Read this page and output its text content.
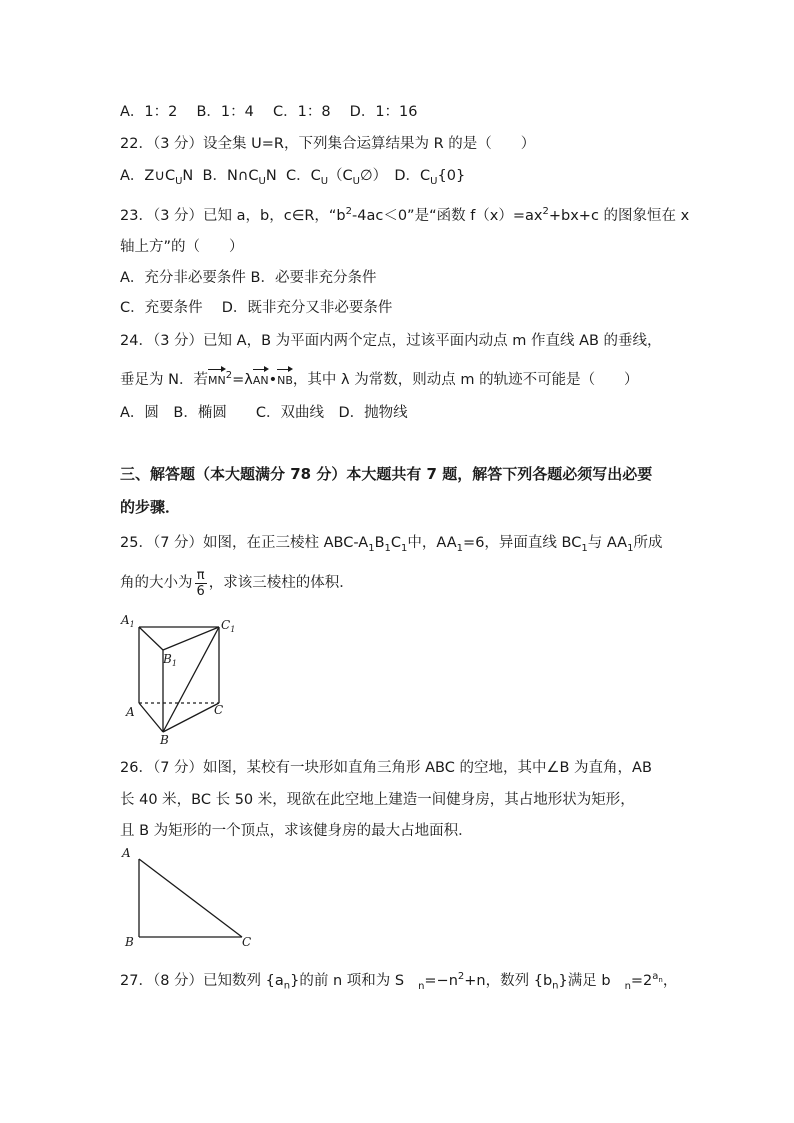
A．1：2　 B．1：4　 C．1：8　 D．1：16
22．（3 分）设全集 U=R，下列集合运算结果为 R 的是（　　）
A．$Z\cup C_UN$  B．$N\cap C_UN$  C．$C_U(C_U\emptyset)$　D．$C_U\{0\}$
23．（3 分）已知 a，b，c∈R，“$b^2-4ac<0$”是“函数 $f(x)=ax^2+bx+c$ 的图象恒在 x
轴上方”的（　　）
A．充分非必要条件 B．必要非充分条件
C．充要条件　 D．既非充分又非必要条件
24．（3 分）已知 A，B 为平面内两个定点，过该平面内动点 m 作直线 AB 的垂线，
垂足为 N．若$MN^2=\lambda AN•NB$，其中 λ 为常数，则动点 m 的轨迹不可能是（　　）
A．圆　B．椭圆　　C．双曲线　D．抛物线
三、解答题（本大题满分 78 分）本大题共有 7 题，解答下列各题必须写出必要
的步骤．
25．（7 分）如图，在正三棱柱 ABC-$A_1B_1C_1$中，$AA_1=6$，异面直线 $BC_1$与 $AA_1$所成
角的大小为 $\frac{\pi}{6}$ ，求该三棱柱的体积．
$A_1$	$C_1$
$B_1$
A	C
B
26．（7 分）如图，某校有一块形如直角三角形 ABC 的空地，其中∠B 为直角，AB
长 40 米，BC 长 50 米，现欲在此空地上建造一间健身房，其占地形状为矩形，
且 B 为矩形的一个顶点，求该健身房的最大占地面积．
A
B	C
27．（8 分）已知数列 $\{a_n\}$的前 n 项和为 S $_n=-n^2+n$，数列 $\{b_n\}$满足 b $_n=2^{a_n}$，
